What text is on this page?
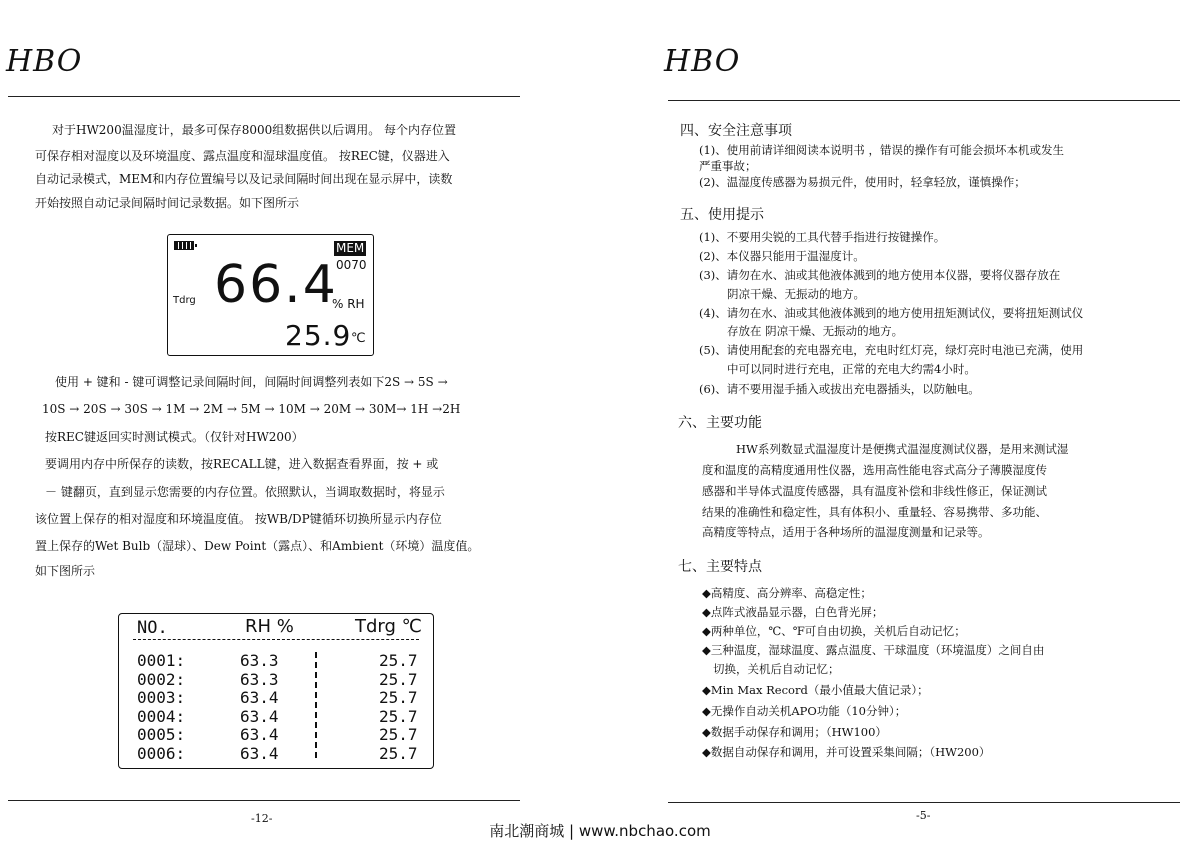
HBO
对于HW200温湿度计，最多可保存8000组数据供以后调用。 每个内存位置
可保存相对湿度以及环境温度、露点温度和湿球温度值。 按REC键，仪器进入
自动记录模式，MEM和内存位置编号以及记录间隔时间出现在显示屏中，读数
开始按照自动记录间隔时间记录数据。如下图所示
MEM
0070
66.4
% RH
Tdrg
25.9 ℃
使用 + 键和 - 键可调整记录间隔时间，间隔时间调整列表如下2S → 5S →
10S → 20S → 30S → 1M → 2M → 5M → 10M → 20M → 30M→ 1H →2H
按REC键返回实时测试模式。（仅针对HW200）
要调用内存中所保存的读数，按RECALL键，进入数据查看界面，按 + 或
－ 键翻页，直到显示您需要的内存位置。依照默认，当调取数据时，将显示
该位置上保存的相对湿度和环境温度值。 按WB/DP键循环切换所显示内存位
置上保存的Wet Bulb（湿球）、Dew Point（露点）、和Ambient（环境）温度值。
如下图所示
NO.	RH %	Tdrg ℃
0001:	63.3	25.7
0002:	63.3	25.7
0003:	63.4	25.7
0004:	63.4	25.7
0005:	63.4	25.7
0006:	63.4	25.7
-12-
HBO
四、安全注意事项
(1)、使用前请详细阅读本说明书 ，错误的操作有可能会损坏本机或发生
严重事故；
(2)、温湿度传感器为易损元件，使用时，轻拿轻放，谨慎操作；
五、使用提示
(1)、不要用尖锐的工具代替手指进行按键操作。
(2)、本仪器只能用于温湿度计。
(3)、请勿在水、油或其他液体溅到的地方使用本仪器，要将仪器存放在
阴凉干燥、无振动的地方。
(4)、请勿在水、油或其他液体溅到的地方使用扭矩测试仪，要将扭矩测试仪
存放在 阴凉干燥、无振动的地方。
(5)、请使用配套的充电器充电，充电时红灯亮，绿灯亮时电池已充满，使用
中可以同时进行充电，正常的充电大约需4小时。
(6)、请不要用湿手插入或拔出充电器插头，以防触电。
六、主要功能
HW系列数显式温湿度计是便携式温湿度测试仪器，是用来测试湿
度和温度的高精度通用性仪器，选用高性能电容式高分子薄膜湿度传
感器和半导体式温度传感器，具有温度补偿和非线性修正，保证测试
结果的准确性和稳定性，具有体积小、重量轻、容易携带、多功能、
高精度等特点，适用于各种场所的温湿度测量和记录等。
七、主要特点
◆高精度、高分辨率、高稳定性；
◆点阵式液晶显示器，白色背光屏；
◆两种单位，℃、℉可自由切换，关机后自动记忆；
◆三种温度，湿球温度、露点温度、干球温度（环境温度）之间自由
切换，关机后自动记忆；
◆Min Max Record（最小值最大值记录）；
◆无操作自动关机APO功能（10分钟）；
◆数据手动保存和调用；（HW100）
◆数据自动保存和调用，并可设置采集间隔；（HW200）
-5-
南北潮商城 | www.nbchao.com
